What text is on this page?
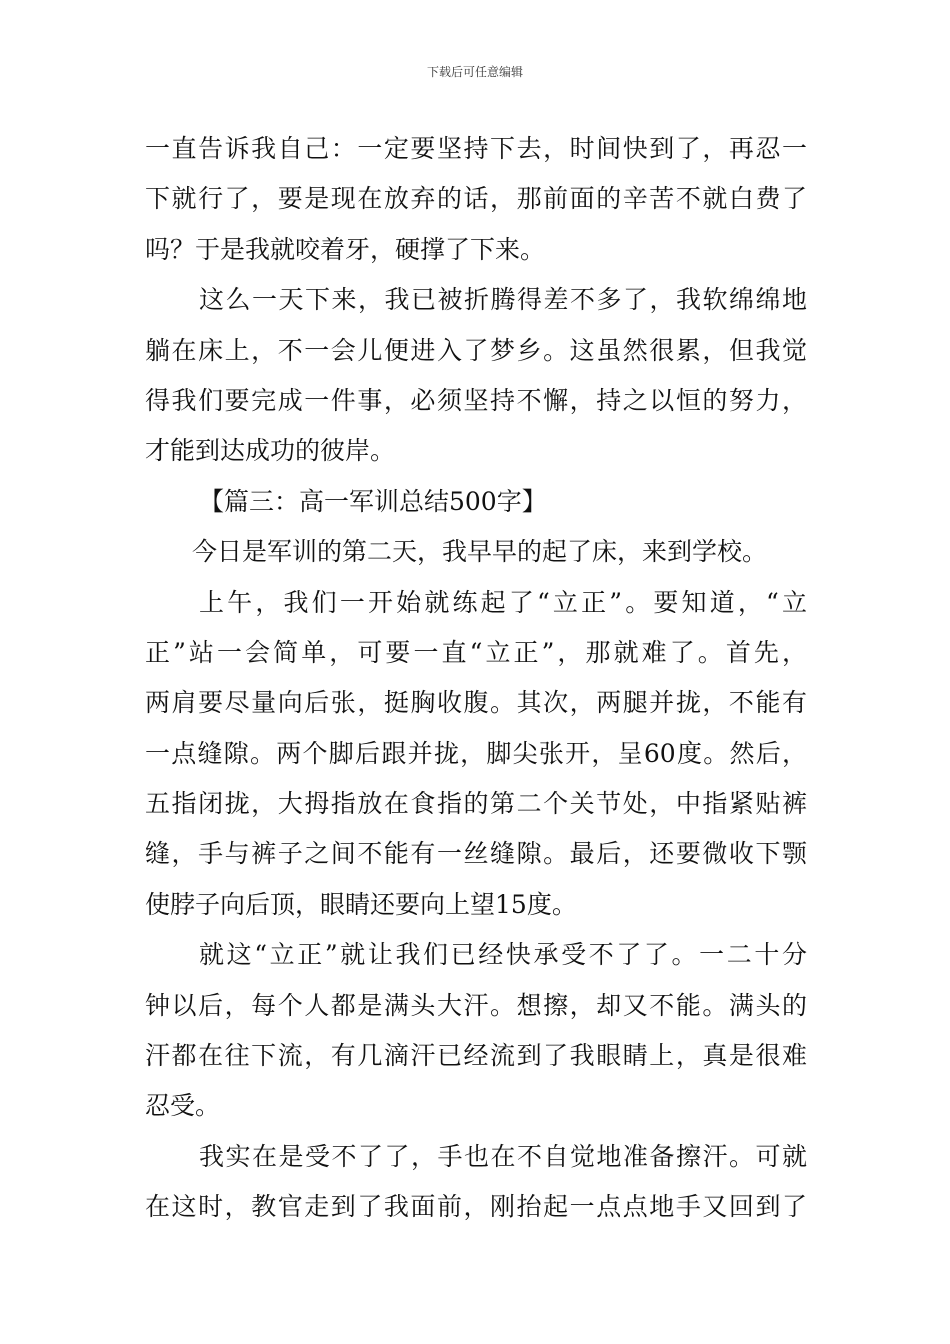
下载后可任意编辑
一直告诉我自己：一定要坚持下去，时间快到了，再忍一
下就行了，要是现在放弃的话，那前面的辛苦不就白费了
吗？于是我就咬着牙，硬撑了下来。
这么一天下来，我已被折腾得差不多了，我软绵绵地
躺在床上，不一会儿便进入了梦乡。这虽然很累，但我觉
得我们要完成一件事，必须坚持不懈，持之以恒的努力，
才能到达成功的彼岸。
【篇三：高一军训总结500字】
今日是军训的第二天，我早早的起了床，来到学校。
上午，我们一开始就练起了“立正”。要知道，“立
正”站一会简单，可要一直“立正”，那就难了。首先，
两肩要尽量向后张，挺胸收腹。其次，两腿并拢，不能有
一点缝隙。两个脚后跟并拢，脚尖张开，呈60度。然后，
五指闭拢，大拇指放在食指的第二个关节处，中指紧贴裤
缝，手与裤子之间不能有一丝缝隙。最后，还要微收下颚
使脖子向后顶，眼睛还要向上望15度。
就这“立正”就让我们已经快承受不了了。一二十分
钟以后，每个人都是满头大汗。想擦，却又不能。满头的
汗都在往下流，有几滴汗已经流到了我眼睛上，真是很难
忍受。
我实在是受不了了，手也在不自觉地准备擦汗。可就
在这时，教官走到了我面前，刚抬起一点点地手又回到了
